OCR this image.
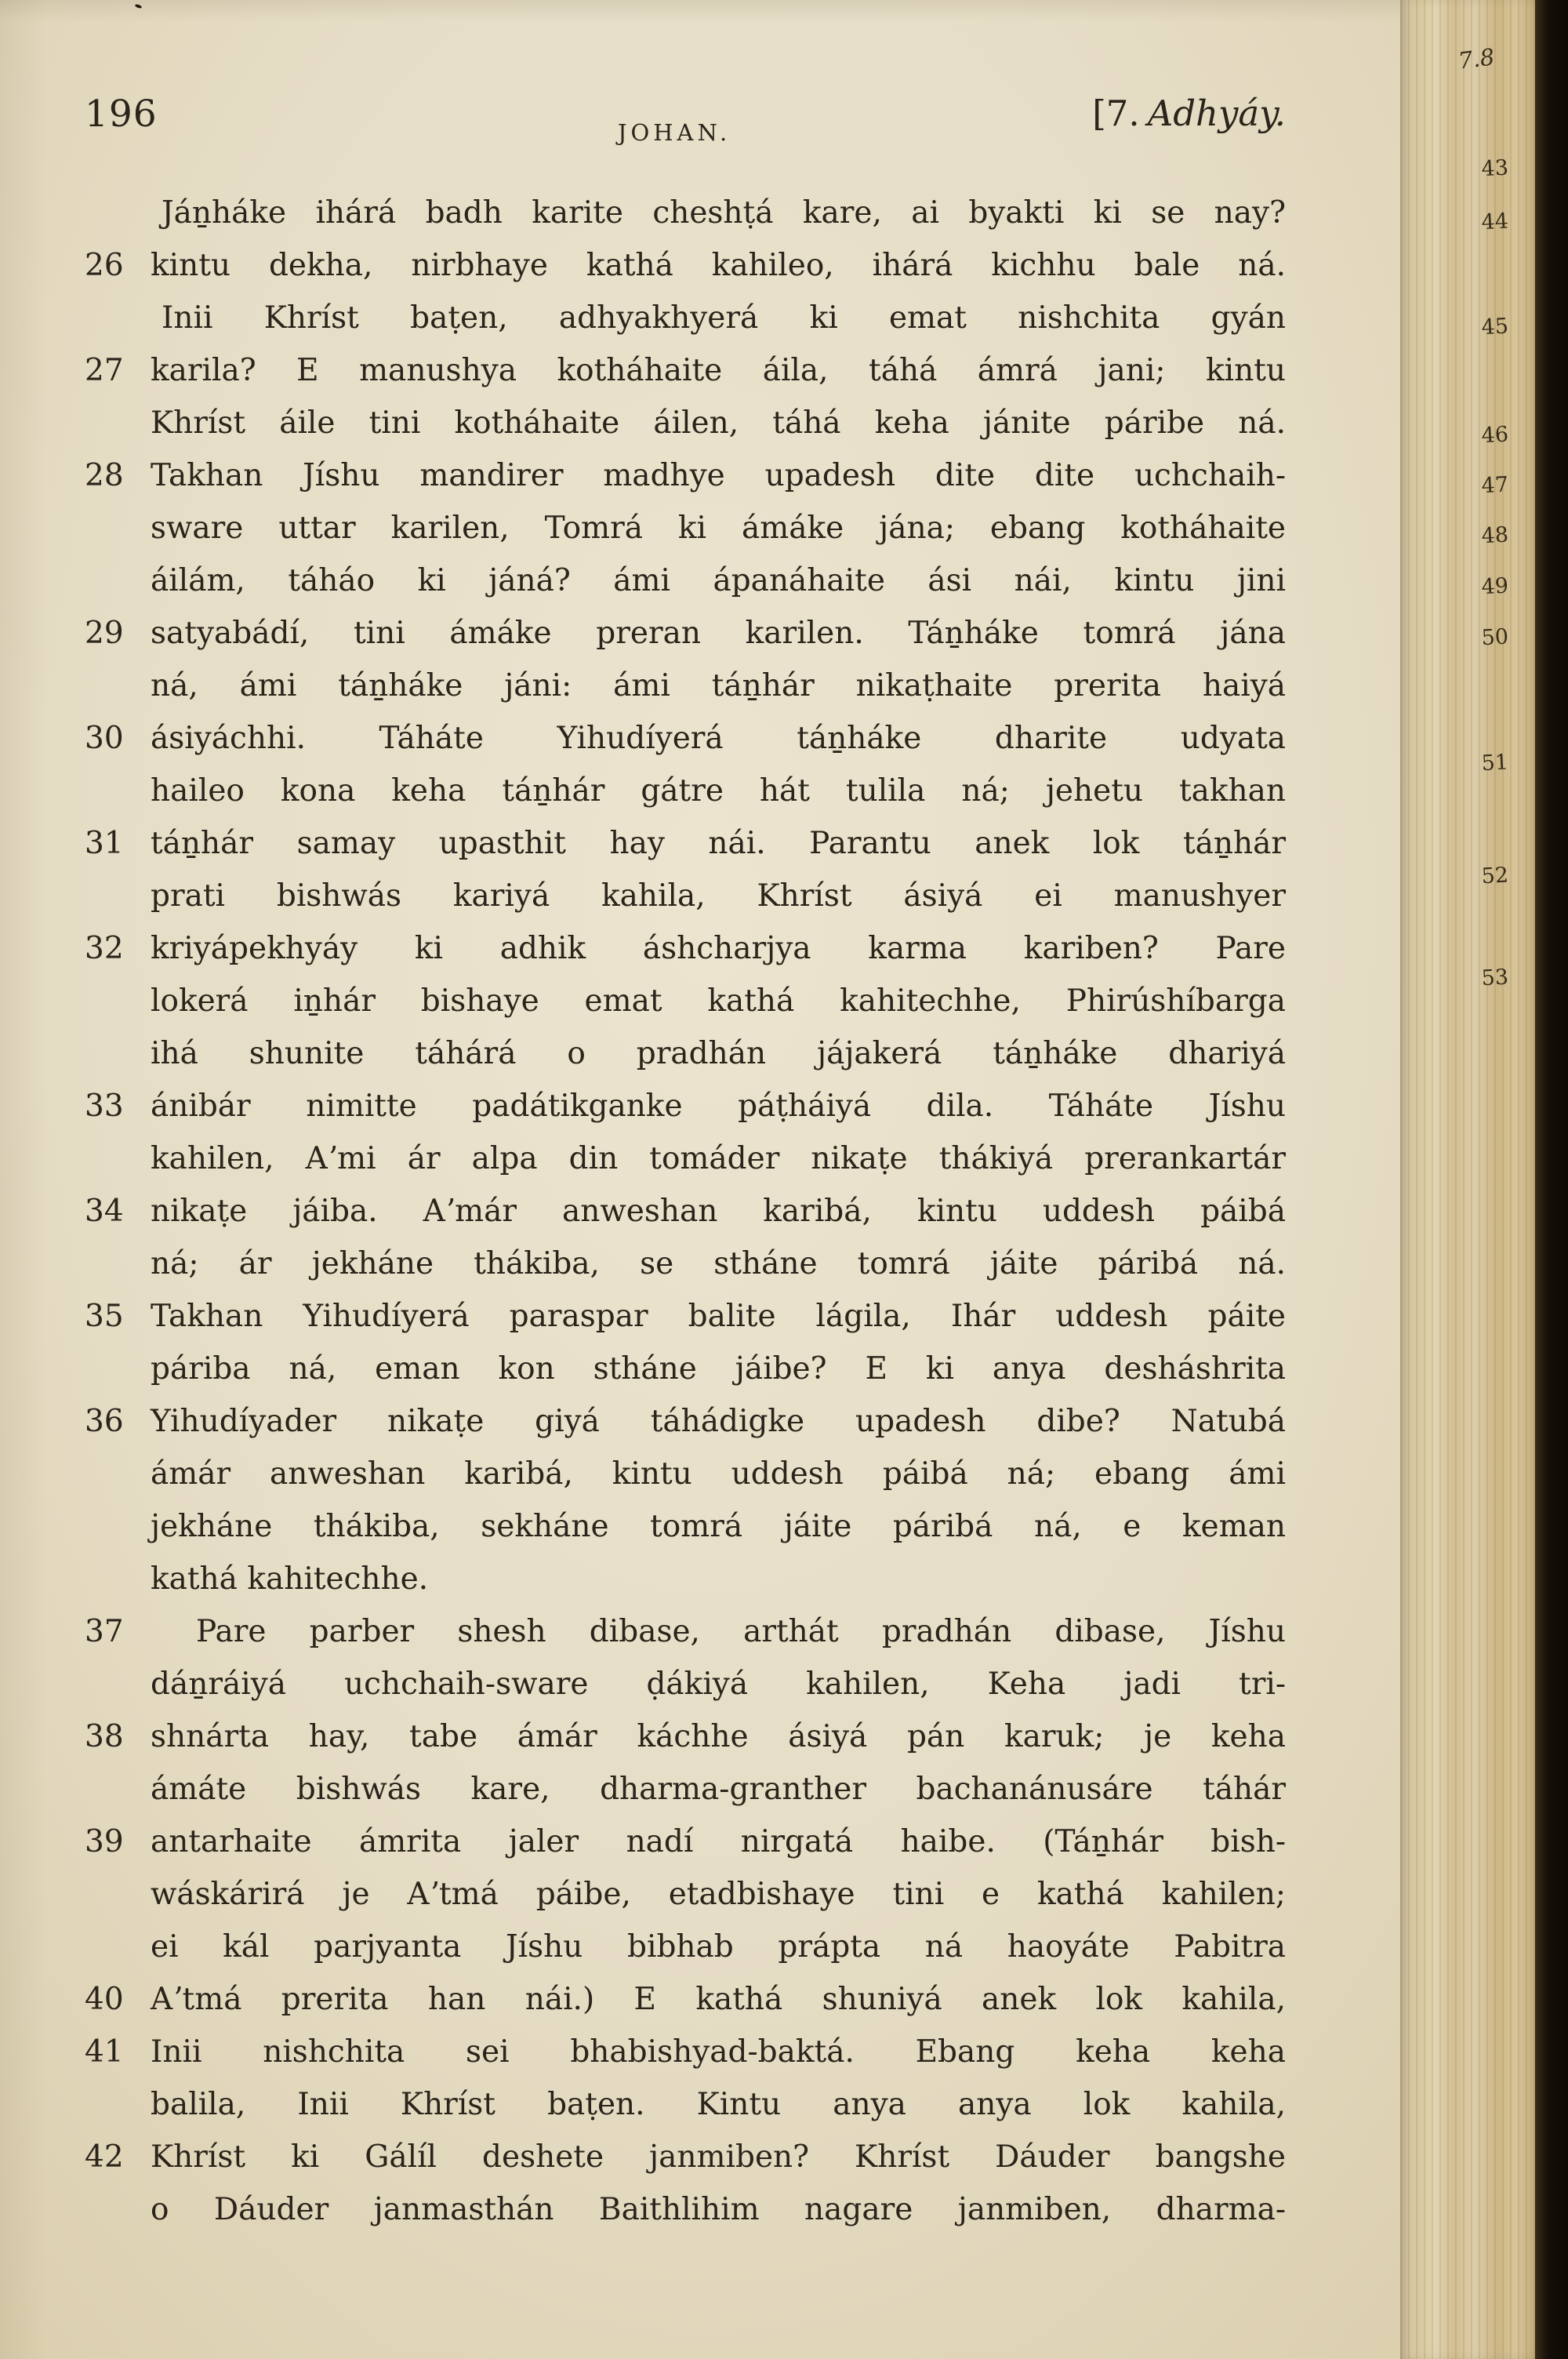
196	JOHAN.	[7. Adhyáy.
Jáṉháke ihárá badh karite cheshṭá kare, ai byakti ki se nay?
26 kintu dekha, nirbhaye kathá kahileo, ihárá kichhu bale ná.
Inii Khríst baṭen, adhyakhyerá ki emat nishchita gyán
27 karila? E manushya kotháhaite áila, táhá ámrá jani; kintu
Khríst áile tini kotháhaite áilen, táhá keha jánite páribe ná.
28 Takhan Jíshu mandirer madhye upadesh dite dite uchchaih-
sware uttar karilen, Tomrá ki ámáke jána; ebang kotháhaite
áilám, táháo ki jáná? ámi ápanáhaite ási nái, kintu jini
29 satyabádí, tini ámáke preran karilen. Táṉháke tomrá jána
ná, ámi táṉháke jáni: ámi táṉhár nikaṭhaite prerita haiyá
30 ásiyáchhi. Táháte Yihudíyerá táṉháke dharite udyata
haileo kona keha táṉhár gátre hát tulila ná; jehetu takhan
31 táṉhár samay upasthit hay nái. Parantu anek lok táṉhár
prati bishwás kariyá kahila, Khríst ásiyá ei manushyer
32 kriyápekhyáy ki adhik áshcharjya karma kariben? Pare
lokerá iṉhár bishaye emat kathá kahitechhe, Phirúshíbarga
ihá shunite táhárá o pradhán jájakerá táṉháke dhariyá
33 ánibár nimitte padátikganke páṭháiyá dila. Táháte Jíshu
kahilen, Aʼmi ár alpa din tomáder nikaṭe thákiyá prerankartár
34 nikaṭe jáiba. Aʼmár anweshan karibá, kintu uddesh páibá
ná; ár jekháne thákiba, se stháne tomrá jáite páribá ná.
35 Takhan Yihudíyerá paraspar balite lágila, Ihár uddesh páite
páriba ná, eman kon stháne jáibe? E ki anya desháshrita
36 Yihudíyader nikaṭe giyá táhádigke upadesh dibe? Natubá
ámár anweshan karibá, kintu uddesh páibá ná; ebang ámi
jekháne thákiba, sekháne tomrá jáite páribá ná, e keman
kathá kahitechhe.
37	Pare parber shesh dibase, arthát pradhán dibase, Jíshu
dáṉráiyá uchchaih-sware ḍákiyá kahilen, Keha jadi tri-
38 shnárta hay, tabe ámár káchhe ásiyá pán karuk; je keha
ámáte bishwás kare, dharma-granther bachanánusáre táhár
39 antarhaite ámrita jaler nadí nirgatá haibe. (Táṉhár bish-
wáskárirá je Aʼtmá páibe, etadbishaye tini e kathá kahilen;
ei kál parjyanta Jíshu bibhab prápta ná haoyáte Pabitra
40 Aʼtmá prerita han nái.) E kathá shuniyá anek lok kahila,
41 Inii nishchita sei bhabishyad-baktá. Ebang keha keha
balila, Inii Khríst baṭen. Kintu anya anya lok kahila,
42 Khríst ki Gálíl deshete janmiben? Khríst Dáuder bangshe
o Dáuder janmasthán Baithlihim nagare janmiben, dharma-
7.8
43
44
45
46
47
48
49
50
51
52
53
